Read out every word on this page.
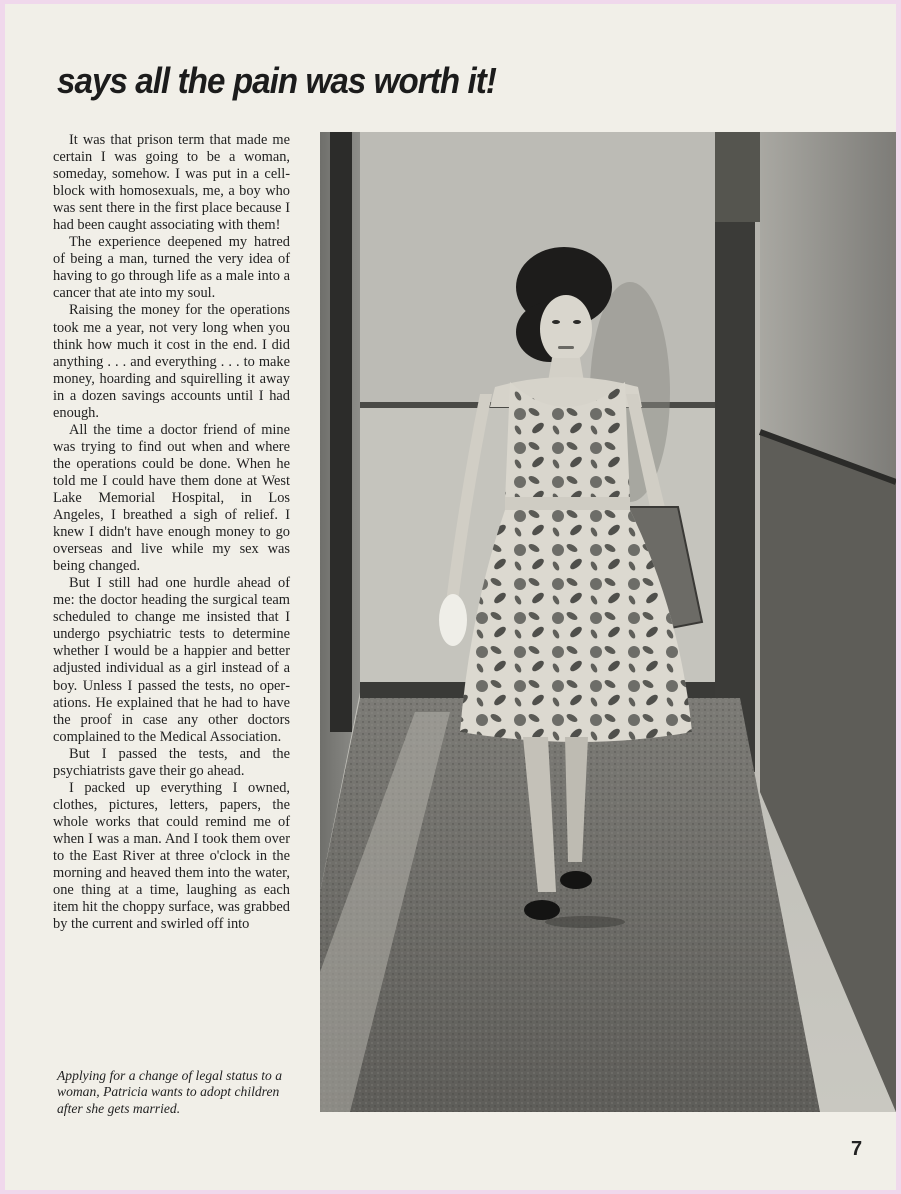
says all the pain was worth it!

It was that prison term that made me certain I was going to be a woman, someday, somehow. I was put in a cell-block with homosexuals, me, a boy who was sent there in the first place because I had been caught associating with them!

The experience deepened my hatred of being a man, turned the very idea of having to go through life as a male into a cancer that ate into my soul.

Raising the money for the operations took me a year, not very long when you think how much it cost in the end. I did anything . . . and everything . . . to make money, hoarding and squirelling it away in a dozen savings accounts until I had enough.

All the time a doctor friend of mine was trying to find out when and where the operations could be done. When he told me I could have them done at West Lake Memorial Hospital, in Los Angeles, I breathed a sigh of relief. I knew I didn't have enough money to go overseas and live while my sex was being changed.

But I still had one hurdle ahead of me: the doctor heading the surgical team scheduled to change me insisted that I undergo psychiatric tests to determine whether I would be a happier and better adjusted individual as a girl instead of a boy. Unless I passed the tests, no operations. He explained that he had to have the proof in case any other doctors complained to the Medical Association.

But I passed the tests, and the psychiatrists gave their go ahead.

I packed up everything I owned, clothes, pictures, letters, papers, the whole works that could remind me of when I was a man. And I took them over to the East River at three o'clock in the morning and heaved them into the water, one thing at a time, laughing as each item hit the choppy surface, was grabbed by the current and swirled off into

Applying for a change of legal status to a woman, Patricia wants to adopt children after she gets married.

7
